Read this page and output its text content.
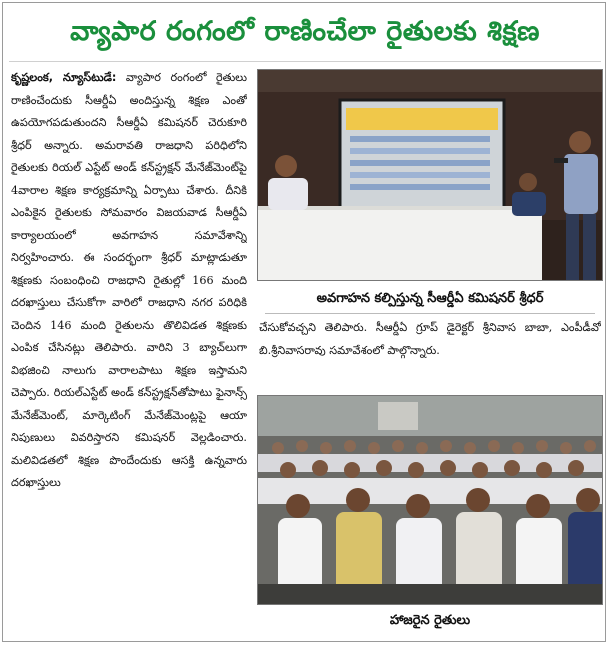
వ్యాపార రంగంలో రాణించేలా రైతులకు శిక్షణ

కృష్ణలంక, న్యూస్‌టుడే: వ్యాపార రంగంలో రైతులు రాణించేందుకు సీఆర్డీఏ అందిస్తున్న శిక్షణ ఎంతో ఉపయోగపడుతుందని సీఆర్డీఏ కమిషనర్ చెరుకూరి శ్రీధర్ అన్నారు. అమరావతి రాజధాని పరిధిలోని రైతులకు రియల్ ఎస్టేట్ అండ్ కన్‌స్ట్రక్షన్ మేనేజ్‌మెంట్‌పై 4వారాల శిక్షణ కార్యక్రమాన్ని ఏర్పాటు చేశారు. దీనికి ఎంపికైన రైతులకు సోమవారం విజయవాడ సీఆర్డీఏ కార్యాలయంలో అవగాహన సమావేశాన్ని నిర్వహించారు. ఈ సందర్భంగా శ్రీధర్ మాట్లాడుతూ శిక్షణకు సంబంధించి రాజధాని రైతుల్లో 166 మంది దరఖాస్తులు చేసుకోగా వారిలో రాజధాని నగర పరిధికి చెందిన 146 మంది రైతులను తొలివిడత శిక్షణకు ఎంపిక చేసినట్లు తెలిపారు. వారిని 3 బ్యాచ్‌లుగా విభజించి నాలుగు వారాలపాటు శిక్షణ ఇస్తామని చెప్పారు. రియల్‌ఎస్టేట్ అండ్ కన్‌స్ట్రక్షన్‌తోపాటు ఫైనాన్స్ మేనేజ్‌మెంట్, మార్కెటింగ్ మేనేజ్‌మెంట్లపై ఆయా నిపుణులు వివరిస్తారని కమిషనర్ వెల్లడించారు. మలివిడతలో శిక్షణ పొందేందుకు ఆసక్తి ఉన్నవారు దరఖాస్తులు

అవగాహన కల్పిస్తున్న సీఆర్డీఏ కమిషనర్ శ్రీధర్

చేసుకోవచ్చని తెలిపారు. సీఆర్డీఏ గ్రూప్ డైరెక్టర్ శ్రీనివాస బాబా, ఎంపీడీవో బి.శ్రీనివాసరావు సమావేశంలో పాల్గొన్నారు.

హాజరైన రైతులు
